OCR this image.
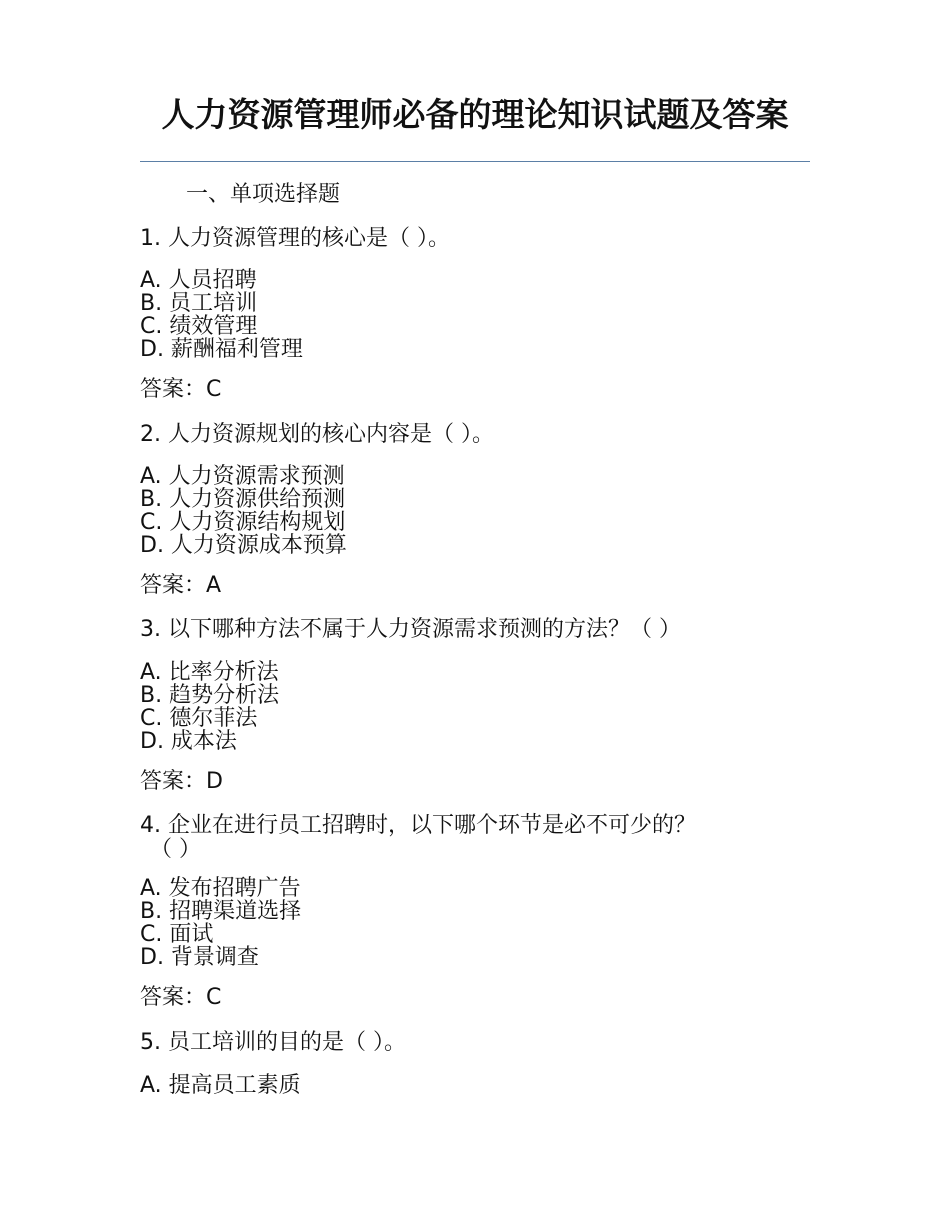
人力资源管理师必备的理论知识试题及答案
一、单项选择题
1. 人力资源管理的核心是（ ）。
A. 人员招聘
B. 员工培训
C. 绩效管理
D. 薪酬福利管理
答案：C
2. 人力资源规划的核心内容是（ ）。
A. 人力资源需求预测
B. 人力资源供给预测
C. 人力资源结构规划
D. 人力资源成本预算
答案：A
3. 以下哪种方法不属于人力资源需求预测的方法？（ ）
A. 比率分析法
B. 趋势分析法
C. 德尔菲法
D. 成本法
答案：D
4. 企业在进行员工招聘时，以下哪个环节是必不可少的？
（ ）
A. 发布招聘广告
B. 招聘渠道选择
C. 面试
D. 背景调查
答案：C
5. 员工培训的目的是（ ）。
A. 提高员工素质
